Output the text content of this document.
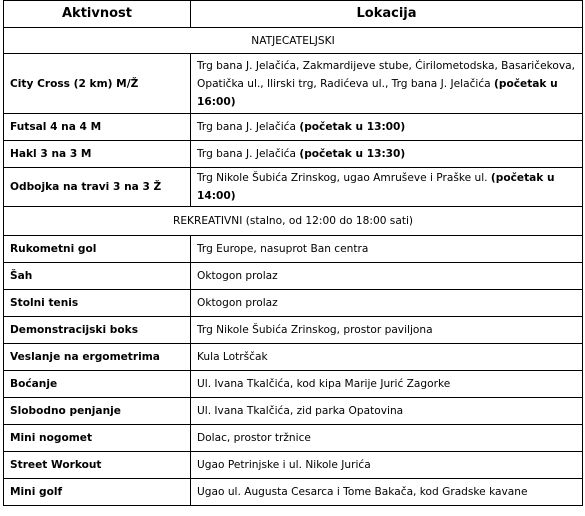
Aktivnost	Lokacija
NATJECATELJSKI	
City Cross (2 km) M/Ž	Trg bana J. Jelačića, Zakmardijeve stube, Ćirilometodska, Basaričekova, Opatička ul., Ilirski trg, Radićeva ul., Trg bana J. Jelačića (početak u 16:00)
Futsal 4 na 4 M	Trg bana J. Jelačića (početak u 13:00)
Hakl 3 na 3 M	Trg bana J. Jelačića (početak u 13:30)
Odbojka na travi 3 na 3 Ž	Trg Nikole Šubića Zrinskog, ugao Amruševe i Praške ul. (početak u 14:00)
REKREATIVNI (stalno, od 12:00 do 18:00 sati)	
Rukometni gol	Trg Europe, nasuprot Ban centra
Šah	Oktogon prolaz
Stolni tenis	Oktogon prolaz
Demonstracijski boks	Trg Nikole Šubića Zrinskog, prostor paviljona
Veslanje na ergometrima	Kula Lotrščak
Boćanje	Ul. Ivana Tkalčića, kod kipa Marije Jurić Zagorke
Slobodno penjanje	Ul. Ivana Tkalčića, zid parka Opatovina
Mini nogomet	Dolac, prostor tržnice
Street Workout	Ugao Petrinjske i ul. Nikole Jurića
Mini golf	Ugao ul. Augusta Cesarca i Tome Bakača, kod Gradske kavane
